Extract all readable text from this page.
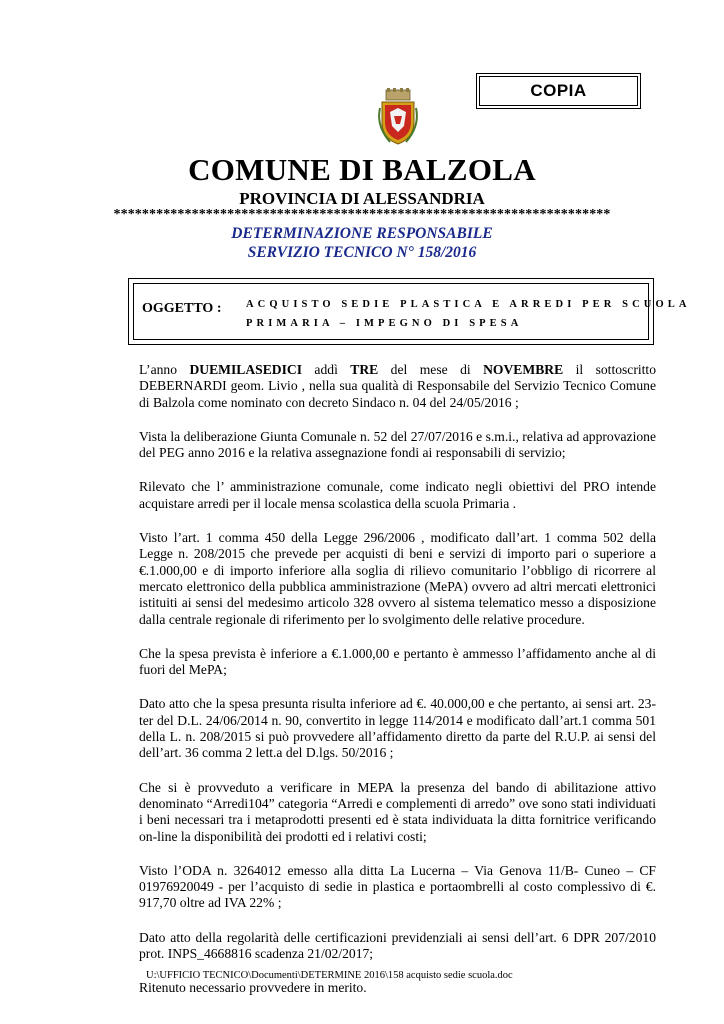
COPIA
COMUNE DI BALZOLA
PROVINCIA DI ALESSANDRIA
**********************************************************************
DETERMINAZIONE RESPONSABILE
SERVIZIO TECNICO N° 158/2016
OGGETTO : ACQUISTO SEDIE PLASTICA E ARREDI PER SCUOLA
PRIMARIA – IMPEGNO DI SPESA

L’anno DUEMILASEDICI addì TRE del mese di NOVEMBRE il sottoscritto
DEBERNARDI geom. Livio , nella sua qualità di Responsabile del Servizio Tecnico Comune di Balzola come nominato con decreto Sindaco n. 04 del 24/05/2016 ;

Vista la deliberazione Giunta Comunale n. 52 del 27/07/2016 e s.m.i., relativa ad approvazione del PEG anno 2016 e la relativa assegnazione fondi ai responsabili di servizio;

Rilevato che l’ amministrazione comunale, come indicato negli obiettivi del PRO intende acquistare arredi per il locale mensa scolastica della scuola Primaria .

Visto l’art. 1 comma 450 della Legge 296/2006 , modificato dall’art. 1 comma 502 della Legge n. 208/2015 che prevede per acquisti di beni e servizi di importo pari o superiore a €.1.000,00 e di importo inferiore alla soglia di rilievo comunitario l’obbligo di ricorrere al mercato elettronico della pubblica amministrazione (MePA) ovvero ad altri mercati elettronici istituiti ai sensi del medesimo articolo 328 ovvero al sistema telematico messo a disposizione dalla centrale regionale di riferimento per lo svolgimento delle relative procedure.

Che la spesa prevista è inferiore a €.1.000,00 e pertanto è ammesso l’affidamento anche al di fuori del MePA;

Dato atto che la spesa presunta risulta inferiore ad €. 40.000,00 e che pertanto, ai sensi art. 23-ter del D.L. 24/06/2014 n. 90, convertito in legge 114/2014 e modificato dall’art.1 comma 501 della L. n. 208/2015 si può provvedere all’affidamento diretto da parte del R.U.P. ai sensi del dell’art. 36 comma 2 lett.a del D.lgs. 50/2016 ;

Che si è provveduto a verificare in MEPA la presenza del bando di abilitazione attivo denominato “Arredi104” categoria “Arredi e complementi di arredo” ove sono stati individuati i beni necessari tra i metaprodotti presenti ed è stata individuata la ditta fornitrice verificando on-line la disponibilità dei prodotti ed i relativi costi;

Visto l’ODA n. 3264012 emesso alla ditta La Lucerna – Via Genova 11/B- Cuneo – CF 01976920049 - per l’acquisto di sedie in plastica e portaombrelli al costo complessivo di €. 917,70 oltre ad IVA 22% ;

Dato atto della regolarità delle certificazioni previdenziali ai sensi dell’art. 6 DPR 207/2010 prot. INPS_4668816 scadenza 21/02/2017;

Ritenuto necessario provvedere in merito.

U:\UFFICIO TECNICO\Documenti\DETERMINE 2016\158 acquisto sedie scuola.doc
